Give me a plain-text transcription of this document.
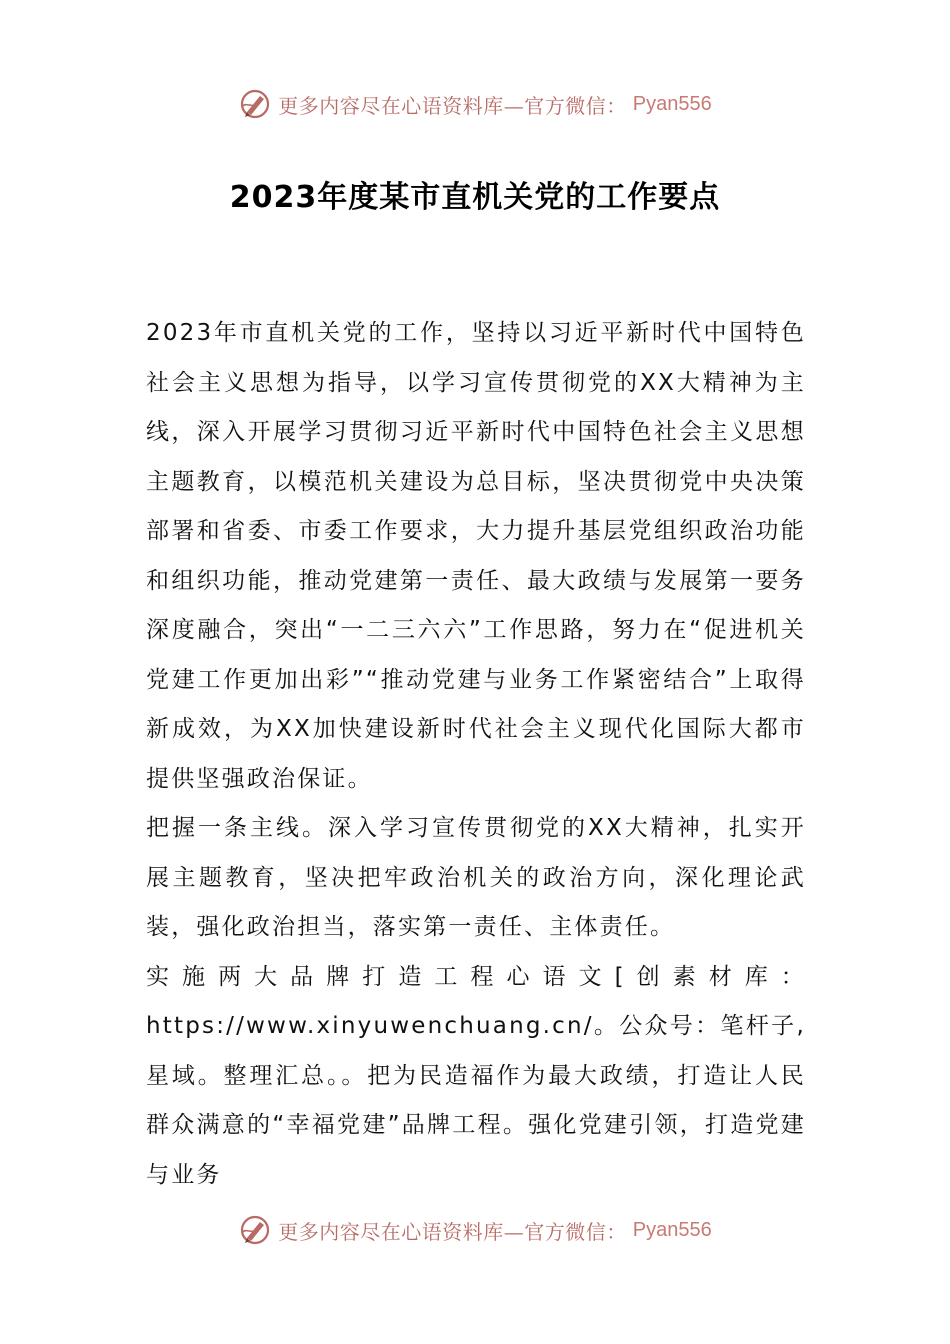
更多内容尽在心语资料库—官方微信： Pyan556
2023年度某市直机关党的工作要点

2023年市直机关党的工作，坚持以习近平新时代中国特色社会主义思想为指导，以学习宣传贯彻党的XX大精神为主线，深入开展学习贯彻习近平新时代中国特色社会主义思想主题教育，以模范机关建设为总目标，坚决贯彻党中央决策部署和省委、市委工作要求，大力提升基层党组织政治功能和组织功能，推动党建第一责任、最大政绩与发展第一要务深度融合，突出“一二三六六”工作思路，努力在“促进机关党建工作更加出彩”“推动党建与业务工作紧密结合”上取得新成效，为XX加快建设新时代社会主义现代化国际大都市提供坚强政治保证。

把握一条主线。深入学习宣传贯彻党的XX大精神，扎实开展主题教育，坚决把牢政治机关的政治方向，深化理论武装，强化政治担当，落实第一责任、主体责任。

实施两大品牌打造工程心语文[创素材库：https://www.xinyuwenchuang.cn/。公众号：笔杆子,星域。整理汇总。。把为民造福作为最大政绩，打造让人民群众满意的“幸福党建”品牌工程。强化党建引领，打造党建与业务

更多内容尽在心语资料库—官方微信： Pyan556
